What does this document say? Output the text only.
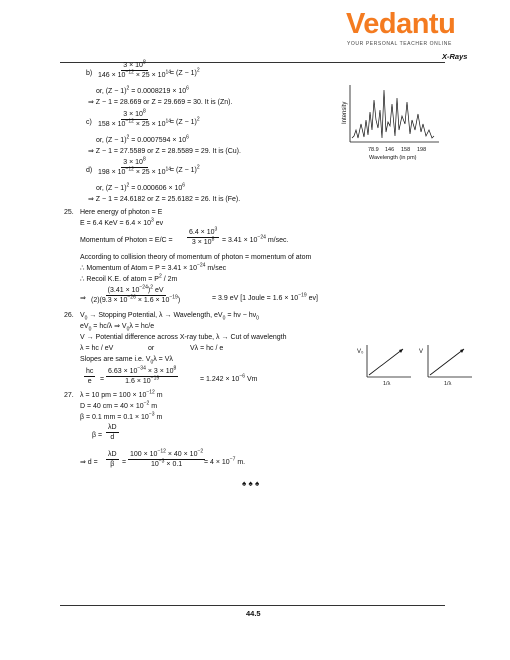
Vedantu
YOUR PERSONAL TEACHER ONLINE
X-Rays
$b) \frac{3 \times 10^8}{146 \times 10^{-12} \times 25 \times 10^{14}}$
= $(Z - 1)^2$
or, $(Z - 1)^2 = 0.0008219 \times 10^6$
⇒ Z − 1 = 28.669 or Z = 29.669 = 30. It is (Zn).
$c) \frac{3 \times 10^8}{158 \times 10^{-12} \times 25 \times 10^{14}}$
= $(Z - 1)^2$
or, $(Z - 1)^2 = 0.0007594 \times 10^6$
⇒ Z − 1 = 27.5589 or Z = 28.5589 = 29. It is (Cu).
$d) \frac{3 \times 10^8}{198 \times 10^{-12} \times 25 \times 10^{14}}$
= $(Z - 1)^2$
or, $(Z - 1)^2 = 0.000606 \times 10^6$
⇒ Z − 1 = 24.6182 or Z = 25.6182 = 26. It is (Fe).
Intensity
78.9 146 158 198
Wavelength (in pm)
25. Here energy of photon = E
E = 6.4 KeV = $6.4 \times 10^3$ ev
Momentum of Photon = $E/C = \frac{6.4 \times 10^3}{3 \times 10^8} = 3.41 \times 10^{-24}$ m/sec.
According to collision theory of momentum of photon = momentum of atom
∴ Momentum of Atom = $P = 3.41 \times 10^{-24}$ m/sec
∴ Recoil K.E. of atom = $P^2 / 2m$
⇒ $\frac{(3.41 \times 10^{-24})^2 eV}{(2)(9.3 \times 10^{-26} \times 1.6 \times 10^{-19})}$	= 3.9 eV [1 Joule = $1.6 \times 10^{-19}$ ev]
26. $V_0$ → Stopping Potential, λ → Wavelength, $eV_0 = h\nu - h\nu_0$
$eV_0 = hc/\lambda$ ⇒ $V_0\lambda = hc/e$
V → Potential difference across X-ray tube, λ → Cut of wavelength
λ = hc / eV	or	Vλ = hc / e
Slopes are same i.e. $V_0\lambda = V\lambda$
$\frac{hc}{e} = \frac{6.63 \times 10^{-34} \times 3 \times 10^8}{1.6 \times 10^{-19}}$	= $1.242 \times 10^{-6}$ Vm
V₀
1/λ
V
1/λ
27. λ = 10 pm = $100 \times 10^{-12}$ m
D = 40 cm = $40 \times 10^{-2}$ m
β = 0.1 mm = $0.1 \times 10^{-3}$ m
$\beta = \frac{\lambda D}{d}$
⇒ $d = \frac{\lambda D}{\beta} = \frac{100 \times 10^{-12} \times 40 \times 10^{-2}}{10^{-3} \times 0.1}$
= $4 \times 10^{-7}$ m.
♠ ♠ ♠
44.5
